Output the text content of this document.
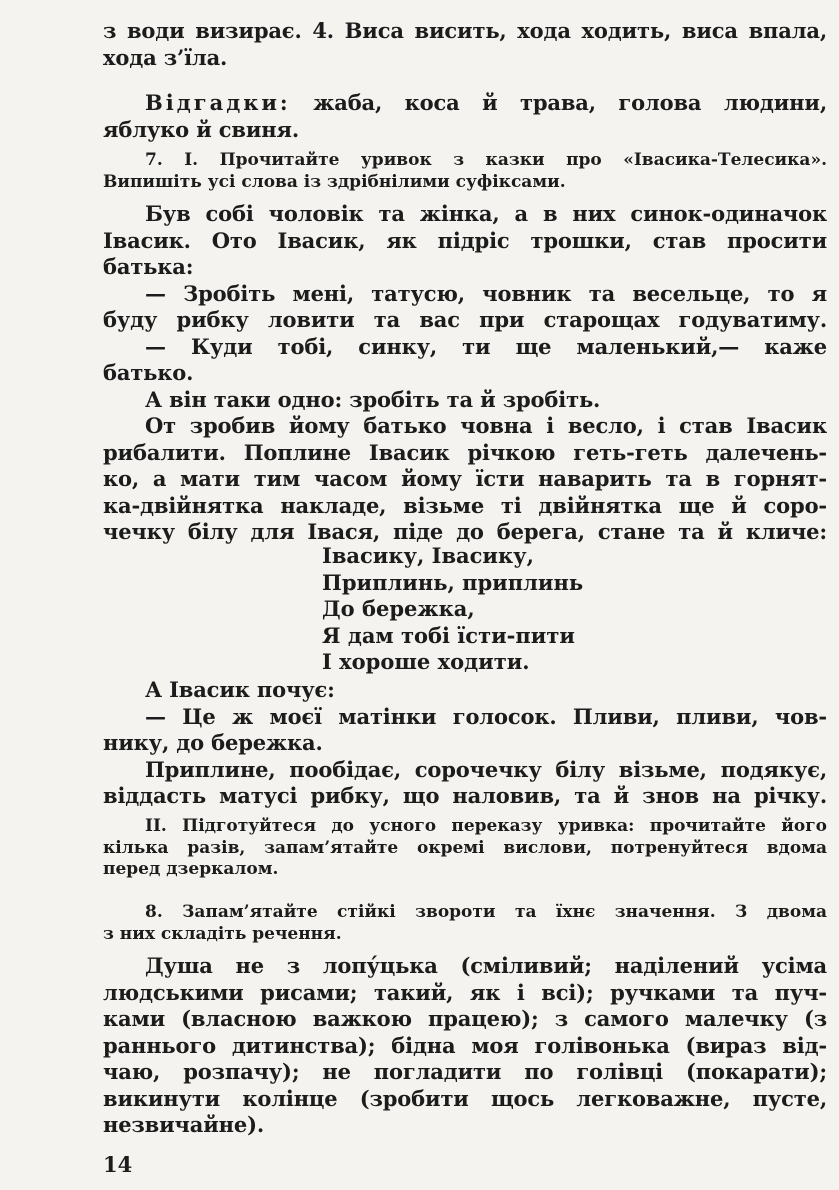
з води визирає. 4. Виса висить, хода ходить, виса впала,
хода з’їла.
Відгадки: жаба, коса й трава, голова людини,
яблуко й свиня.
7. І. Прочитайте уривок з казки про «Івасика-Телесика».
Випишіть усі слова із здрібнілими суфіксами.
Був собі чоловік та жінка, а в них синок-одиначок
Івасик. Ото Івасик, як підріс трошки, став просити
батька:
— Зробіть мені, татусю, човник та весельце, то я
буду рибку ловити та вас при старощах годуватиму.
— Куди тобі, синку, ти ще маленький,— каже
батько.
А він таки одно: зробіть та й зробіть.
От зробив йому батько човна і весло, і став Івасик
рибалити. Поплине Івасик річкою геть-геть далечень-
ко, а мати тим часом йому їсти наварить та в горнят-
ка-двійнятка накладе, візьме ті двійнятка ще й соро-
чечку білу для Івася, піде до берега, стане та й кличе:
Івасику, Івасику,
Приплинь, приплинь
До бережка,
Я дам тобі їсти-пити
І хороше ходити.
А Івасик почує:
— Це ж моєї матінки голосок. Пливи, пливи, чов-
нику, до бережка.
Приплине, пообідає, сорочечку білу візьме, подякує,
віддасть матусі рибку, що наловив, та й знов на річку.
ІІ. Підготуйтеся до усного переказу уривка: прочитайте його
кілька разів, запам’ятайте окремі вислови, потренуйтеся вдома
перед дзеркалом.
8. Запам’ятайте стійкі звороти та їхнє значення. З двома
з них складіть речення.
Душа не з лопу́цька (сміливий; наділений усіма
людськими рисами; такий, як і всі); ручками та пуч-
ками (власною важкою працею); з самого малечку (з
раннього дитинства); бідна моя голівонька (вираз від-
чаю, розпачу); не погладити по голівці (покарати);
викинути колінце (зробити щось легковажне, пусте,
незвичайне).
14
